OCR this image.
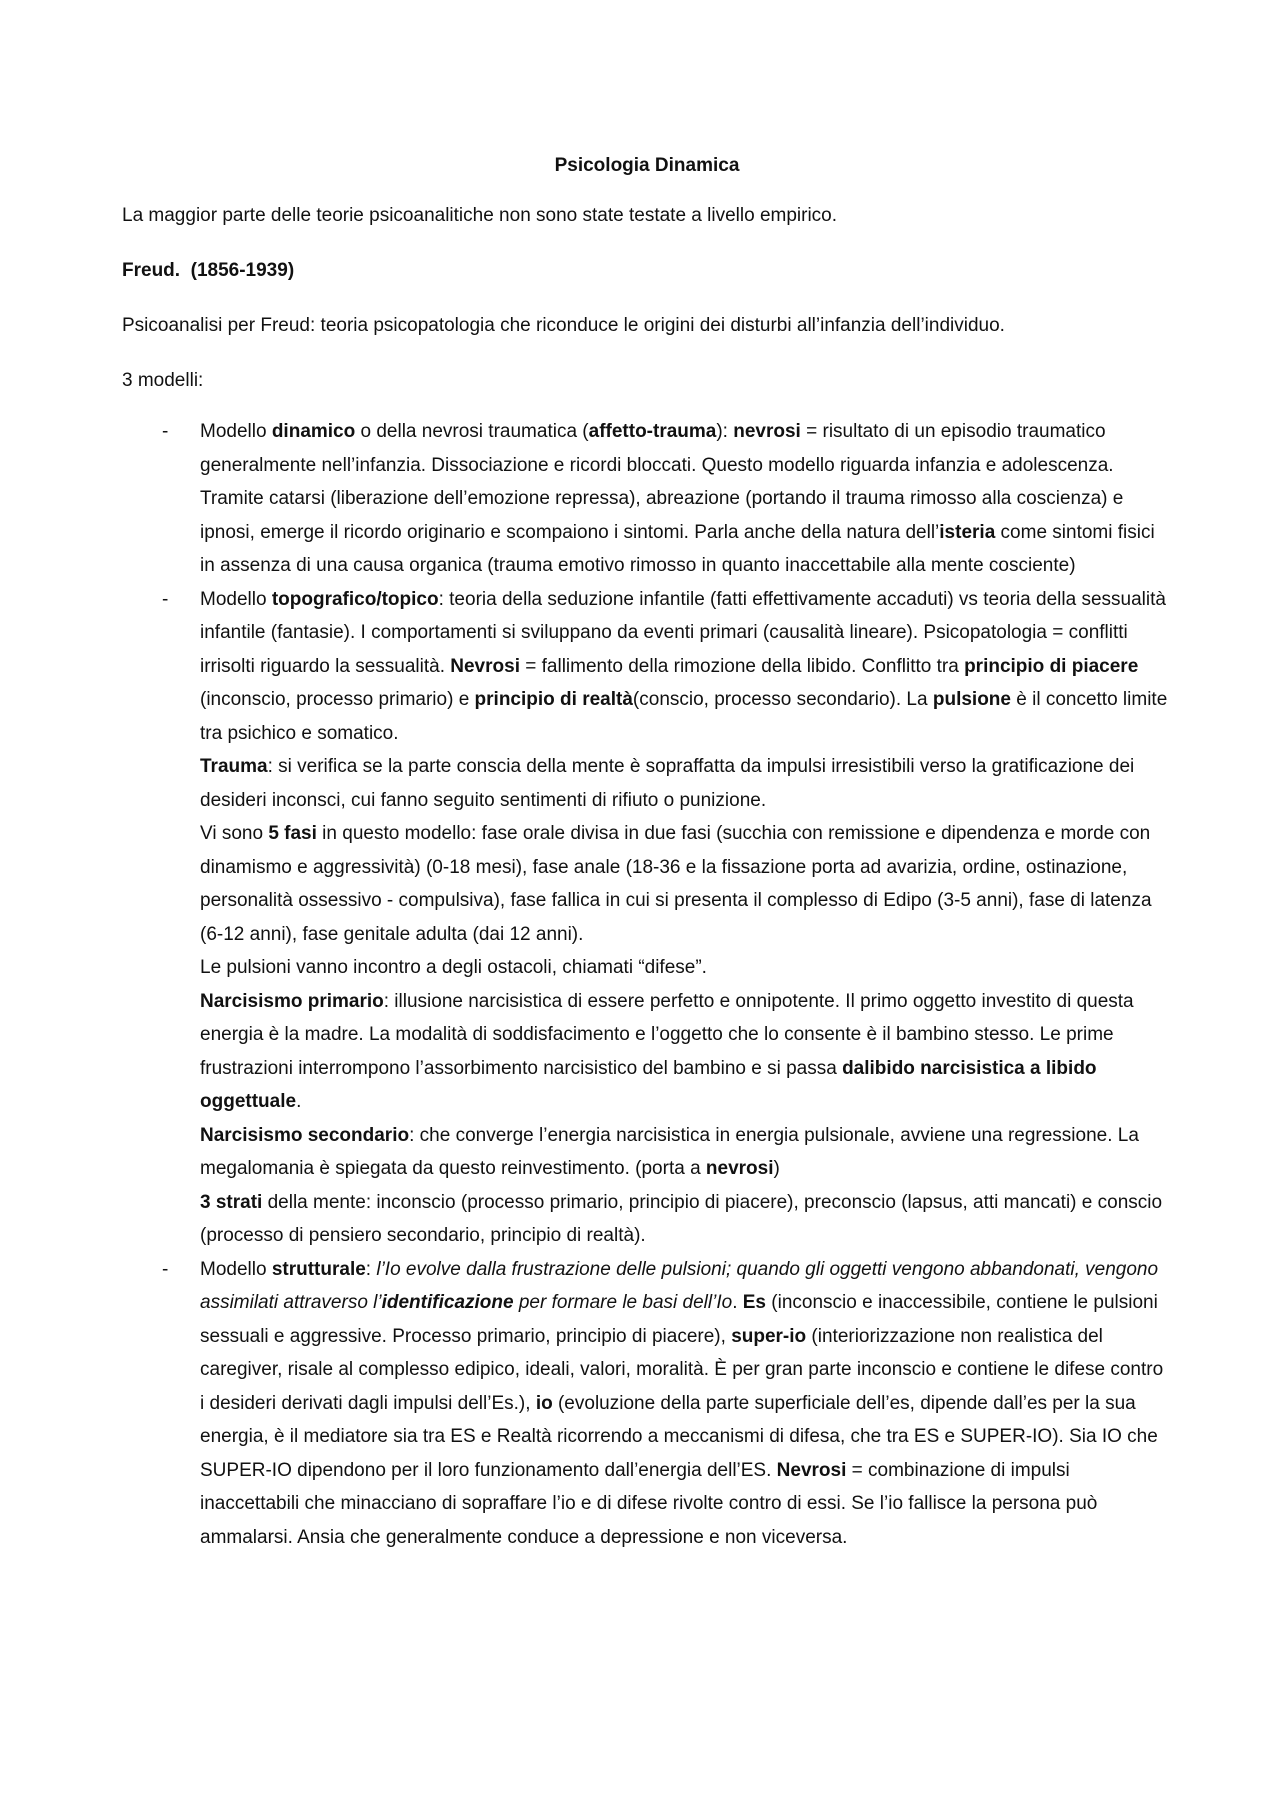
Psicologia Dinamica

La maggior parte delle teorie psicoanalitiche non sono state testate a livello empirico.

Freud. (1856-1939)

Psicoanalisi per Freud: teoria psicopatologia che riconduce le origini dei disturbi all’infanzia dell’individuo.

3 modelli:

- Modello dinamico o della nevrosi traumatica (affetto-trauma): nevrosi = risultato di un episodio traumatico generalmente nell’infanzia. Dissociazione e ricordi bloccati. Questo modello riguarda infanzia e adolescenza. Tramite catarsi (liberazione dell’emozione repressa), abreazione (portando il trauma rimosso alla coscienza) e ipnosi, emerge il ricordo originario e scompaiono i sintomi. Parla anche della natura dell’isteria come sintomi fisici in assenza di una causa organica (trauma emotivo rimosso in quanto inaccettabile alla mente cosciente)
- Modello topografico/topico: teoria della seduzione infantile (fatti effettivamente accaduti) vs teoria della sessualità infantile (fantasie). I comportamenti si sviluppano da eventi primari (causalità lineare). Psicopatologia = conflitti irrisolti riguardo la sessualità. Nevrosi = fallimento della rimozione della libido. Conflitto tra principio di piacere (inconscio, processo primario) e principio di realtà(conscio, processo secondario). La pulsione è il concetto limite tra psichico e somatico.
Trauma: si verifica se la parte conscia della mente è sopraffatta da impulsi irresistibili verso la gratificazione dei desideri inconsci, cui fanno seguito sentimenti di rifiuto o punizione.
Vi sono 5 fasi in questo modello: fase orale divisa in due fasi (succhia con remissione e dipendenza e morde con dinamismo e aggressività) (0-18 mesi), fase anale (18-36 e la fissazione porta ad avarizia, ordine, ostinazione, personalità ossessivo - compulsiva), fase fallica in cui si presenta il complesso di Edipo (3-5 anni), fase di latenza (6-12 anni), fase genitale adulta (dai 12 anni).
Le pulsioni vanno incontro a degli ostacoli, chiamati “difese”.
Narcisismo primario: illusione narcisistica di essere perfetto e onnipotente. Il primo oggetto investito di questa energia è la madre. La modalità di soddisfacimento e l’oggetto che lo consente è il bambino stesso. Le prime frustrazioni interrompono l’assorbimento narcisistico del bambino e si passa dalibido narcisistica a libido oggettuale.
Narcisismo secondario: che converge l’energia narcisistica in energia pulsionale, avviene una regressione. La megalomania è spiegata da questo reinvestimento. (porta a nevrosi)
3 strati della mente: inconscio (processo primario, principio di piacere), preconscio (lapsus, atti mancati) e conscio (processo di pensiero secondario, principio di realtà).
- Modello strutturale: l’Io evolve dalla frustrazione delle pulsioni; quando gli oggetti vengono abbandonati, vengono assimilati attraverso l’identificazione per formare le basi dell’Io. Es (inconscio e inaccessibile, contiene le pulsioni sessuali e aggressive. Processo primario, principio di piacere), super-io (interiorizzazione non realistica del caregiver, risale al complesso edipico, ideali, valori, moralità. È per gran parte inconscio e contiene le difese contro i desideri derivati dagli impulsi dell’Es.), io (evoluzione della parte superficiale dell’es, dipende dall’es per la sua energia, è il mediatore sia tra ES e Realtà ricorrendo a meccanismi di difesa, che tra ES e SUPER-IO). Sia IO che SUPER-IO dipendono per il loro funzionamento dall’energia dell’ES. Nevrosi = combinazione di impulsi inaccettabili che minacciano di sopraffare l’io e di difese rivolte contro di essi. Se l’io fallisce la persona può ammalarsi. Ansia che generalmente conduce a depressione e non viceversa.
